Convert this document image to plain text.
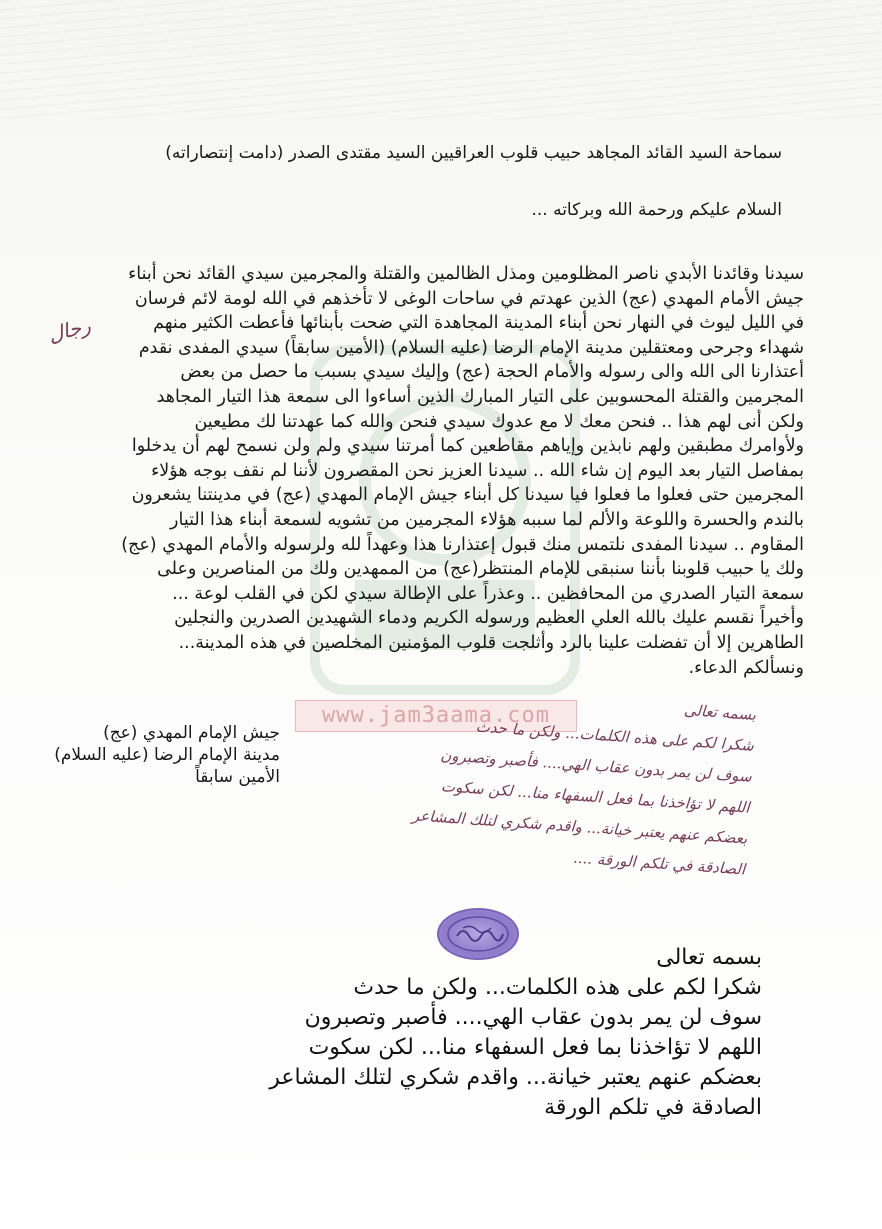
www.jam3aama.com
سماحة السيد القائد المجاهد حبيب قلوب العراقيين السيد مقتدى الصدر (دامت إنتصاراته)
السلام عليكم ورحمة الله وبركاته ...

سيدنا وقائدنا الأبدي ناصر المظلومين ومذل الظالمين والقتلة والمجرمين سيدي القائد نحن أبناء

جيش الأمام المهدي (عج) الذين عهدتم في ساحات الوغى لا تأخذهم في الله لومة لائم فرسان

في الليل ليوث في النهار نحن أبناء المدينة المجاهدة التي ضحت بأبنائها فأعطت الكثير منهم

شهداء وجرحى ومعتقلين مدينة الإمام الرضا (عليه السلام) (الأمين سابقاً) سيدي المفدى نقدم

أعتذارنا الى الله والى رسوله والأمام الحجة (عج) وإليك سيدي بسبب ما حصل من بعض

المجرمين والقتلة المحسوبين على التيار المبارك الذين أساءوا الى سمعة هذا التيار المجاهد

ولكن أنى لهم هذا .. فنحن معك لا مع عدوك سيدي فنحن والله كما عهدتنا لك مطيعين

ولأوامرك مطبقين ولهم نابذين وإياهم مقاطعين كما أمرتنا سيدي ولم ولن نسمح لهم أن يدخلوا

بمفاصل التيار بعد اليوم إن شاء الله .. سيدنا العزيز نحن المقصرون لأننا لم نقف بوجه هؤلاء

المجرمين حتى فعلوا ما فعلوا فيا سيدنا كل أبناء جيش الإمام المهدي (عج) في مدينتنا يشعرون

بالندم والحسرة واللوعة والألم لما سببه هؤلاء المجرمين من تشويه لسمعة أبناء هذا التيار

المقاوم .. سيدنا المفدى نلتمس منك قبول إعتذارنا هذا وعهداً لله ولرسوله والأمام المهدي (عج)

ولك يا حبيب قلوبنا بأننا سنبقى للإمام المنتظر(عج) من الممهدين ولك من المناصرين وعلى

سمعة التيار الصدري من المحافظين .. وعذراً على الإطالة سيدي لكن في القلب لوعة ...

وأخيراً نقسم عليك بالله العلي العظيم ورسوله الكريم ودماء الشهيدين الصدرين والنجلين

الطاهرين إلا أن تفضلت علينا بالرد وأثلجت قلوب المؤمنين المخلصين في هذه المدينة...

ونسألكم الدعاء.

رجال
جيش الإمام المهدي (عج)
مدينة الإمام الرضا (عليه السلام)
الأمين سابقاً
بسمه تعالى
شكرا لكم على هذه الكلمات... ولكن ما حدث
سوف لن يمر بدون عقاب الهي.... فأصبر وتصبرون
اللهم لا تؤاخذنا بما فعل السفهاء منا... لكن سكوت
بعضكم عنهم يعتبر خيانة... واقدم شكري لتلك المشاعر
الصادقة في تلكم الورقة ....
بسمه تعالى
شكرا لكم على هذه الكلمات... ولكن ما حدث
سوف لن يمر بدون عقاب الهي.... فأصبر وتصبرون
اللهم لا تؤاخذنا بما فعل السفهاء منا... لكن سكوت
بعضكم عنهم يعتبر خيانة... واقدم شكري لتلك المشاعر
الصادقة في تلكم الورقة
